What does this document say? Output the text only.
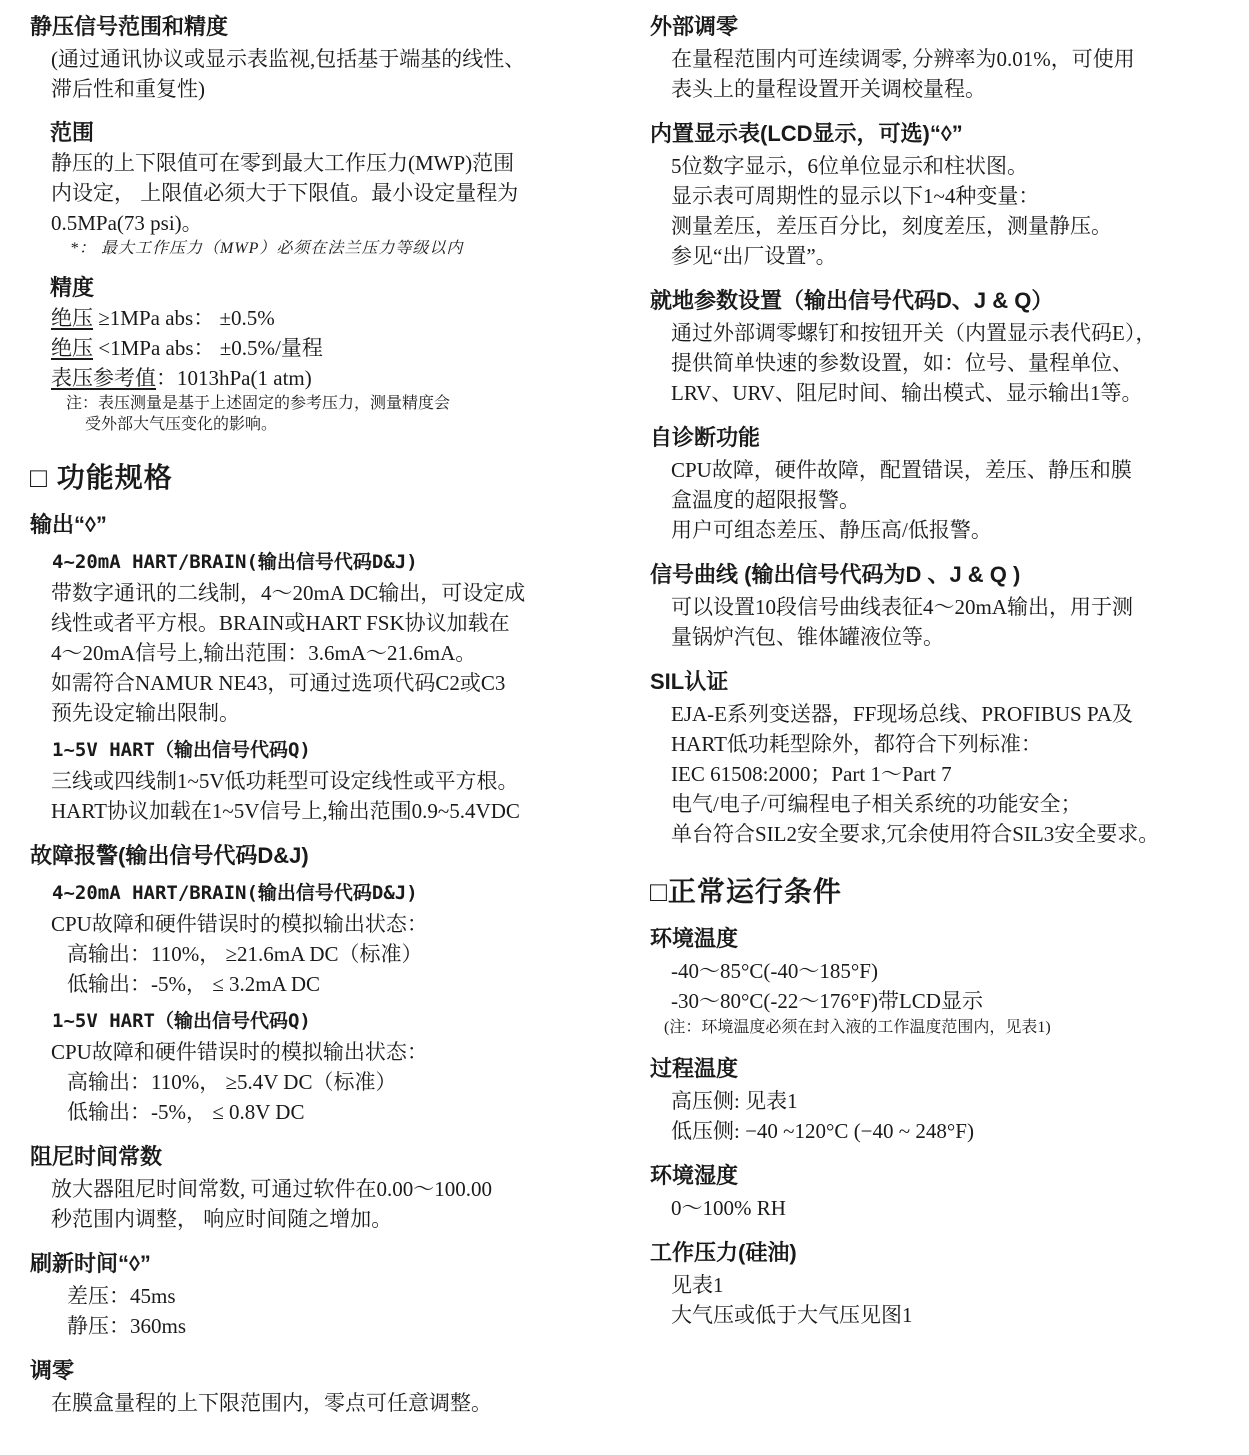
静压信号范围和精度
(通过通讯协议或显示表监视,包括基于端基的线性、
滞后性和重复性)
范围
静压的上下限值可在零到最大工作压力(MWP)范围
内设定， 上限值必须大于下限值。最小设定量程为
0.5MPa(73 psi)。
*： 最大工作压力（MWP）必须在法兰压力等级以内
精度
绝压 ≥1MPa abs： ±0.5%
绝压 <1MPa abs： ±0.5%/量程
表压参考值：1013hPa(1 atm)
注：表压测量是基于上述固定的参考压力，测量精度会
受外部大气压变化的影响。
□ 功能规格
输出“◊”
4~20mA HART/BRAIN(输出信号代码D&J)
带数字通讯的二线制，4～20mA DC输出，可设定成
线性或者平方根。BRAIN或HART FSK协议加载在
4～20mA信号上,输出范围：3.6mA～21.6mA。
如需符合NAMUR NE43，可通过选项代码C2或C3
预先设定输出限制。
1~5V HART（输出信号代码Q)
三线或四线制1~5V低功耗型可设定线性或平方根。
HART协议加载在1~5V信号上,输出范围0.9~5.4VDC
故障报警(输出信号代码D&J)
4~20mA HART/BRAIN(输出信号代码D&J)
CPU故障和硬件错误时的模拟输出状态：
高输出：110%， ≥21.6mA DC（标准）
低输出：-5%， ≤ 3.2mA DC
1~5V HART（输出信号代码Q)
CPU故障和硬件错误时的模拟输出状态：
高输出：110%， ≥5.4V DC（标准）
低输出：-5%， ≤ 0.8V DC
阻尼时间常数
放大器阻尼时间常数, 可通过软件在0.00～100.00
秒范围内调整， 响应时间随之增加。
刷新时间“◊”
差压：45ms
静压：360ms
调零
在膜盒量程的上下限范围内，零点可任意调整。
外部调零
在量程范围内可连续调零, 分辨率为0.01%，可使用
表头上的量程设置开关调校量程。
内置显示表(LCD显示，可选)“◊”
5位数字显示，6位单位显示和柱状图。
显示表可周期性的显示以下1~4种变量：
测量差压，差压百分比，刻度差压，测量静压。
参见“出厂设置”。
就地参数设置（输出信号代码D、J & Q）
通过外部调零螺钉和按钮开关（内置显示表代码E），
提供简单快速的参数设置，如：位号、量程单位、
LRV、URV、阻尼时间、输出模式、显示输出1等。
自诊断功能
CPU故障，硬件故障，配置错误，差压、静压和膜
盒温度的超限报警。
用户可组态差压、静压高/低报警。
信号曲线 (输出信号代码为D 、J & Q )
可以设置10段信号曲线表征4～20mA输出，用于测
量锅炉汽包、锥体罐液位等。
SIL认证
EJA-E系列变送器，FF现场总线、PROFIBUS PA及
HART低功耗型除外，都符合下列标准：
IEC 61508:2000；Part 1～Part 7
电气/电子/可编程电子相关系统的功能安全；
单台符合SIL2安全要求,冗余使用符合SIL3安全要求。
□正常运行条件
环境温度
-40～85°C(-40～185°F)
-30～80°C(-22～176°F)带LCD显示
(注：环境温度必须在封入液的工作温度范围内，见表1)
过程温度
高压侧: 见表1
低压侧: −40 ~120°C (−40 ~ 248°F)
环境湿度
0～100% RH
工作压力(硅油)
见表1
大气压或低于大气压见图1
